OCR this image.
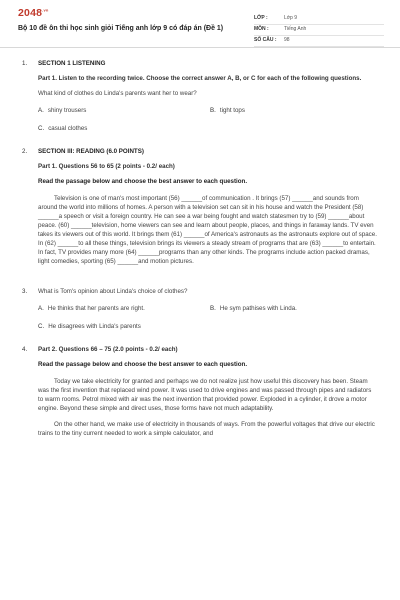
$2048^{.vn}$
Bộ 10 đề ôn thi học sinh giỏi Tiếng anh lớp 9 có đáp án (Đề 1)
LỚP :	Lớp 9
MÔN :	Tiếng Anh
SỐ CÂU :	98
1.	SECTION 1 LISTENING
Part 1. Listen to the recording twice. Choose the correct answer A, B, or C for each of the following questions.
What kind of clothes do Linda's parents want her to wear?
A. shiny trousers	B. tight tops
C. casual clothes
2.	SECTION III: READING (6.0 POINTS)
Part 1. Questions 56 to 65 (2 points - 0.2/ each)
Read the passage below and choose the best answer to each question.

Television is one of man's most important (56) ______of communication . It brings (57) ______and sounds from around the world into millions of homes. A person with a television set can sit in his house and watch the President (58) ______a speech or visit a foreign country. He can see a war being fought and watch statesmen try to (59) ______about peace. (60) ______television, home viewers can see and learn about people, places, and things in faraway lands. TV even takes its viewers out of this world. It brings them (61) ______of America's astronauts as the astronauts explore out of space. In (62) ______to all these things, television brings its viewers a steady stream of programs that are (63) ______to entertain. In fact, TV provides many more (64) ______programs than any other kinds. The programs include action packed dramas, light comedies, sporting (65) ______and motion pictures.

3.	What is Tom's opinion about Linda's choice of clothes?
A. He thinks that her parents are right.	B. He sym pathises with Linda.
C. He disagrees with Linda's parents
4.	Part 2. Questions 66 – 75 (2.0 points - 0.2/ each)
Read the passage below and choose the best answer to each question.

Today we take electricity for granted and perhaps we do not realize just how useful this discovery has been. Steam was the first invention that replaced wind power. It was used to drive engines and was passed through pipes and radiators to warm rooms. Petrol mixed with air was the next invention that provided power. Exploded in a cylinder, it drove a motor engine. Beyond these simple and direct uses, those forms have not much adaptability.

On the other hand, we make use of electricity in thousands of ways. From the powerful voltages that drive our electric trains to the tiny current needed to work a simple calculator, and
